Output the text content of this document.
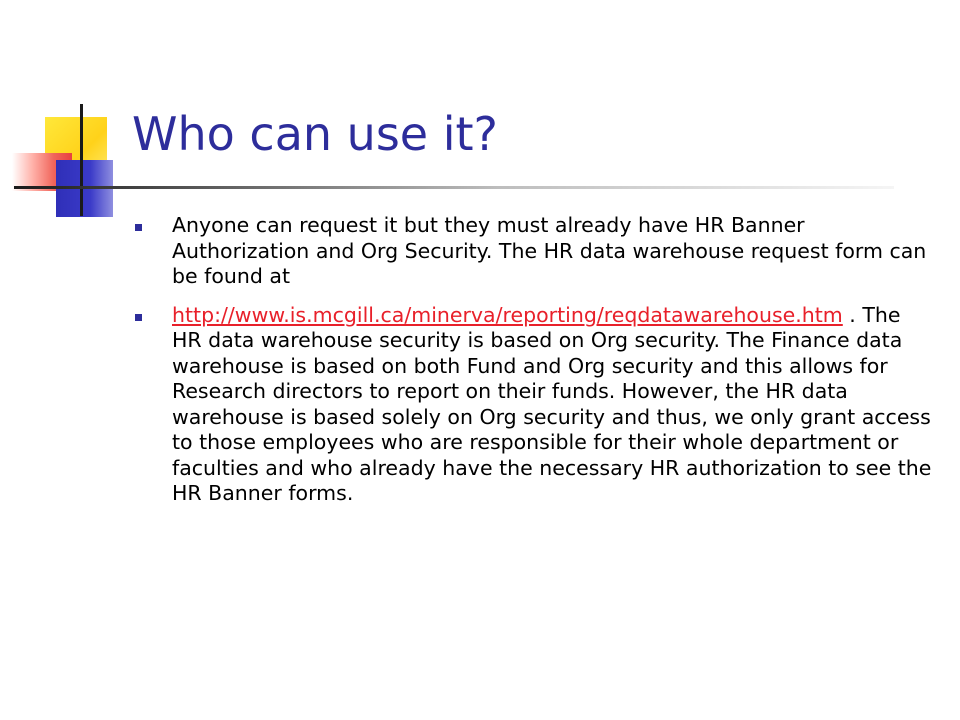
Who can use it?
Anyone can request it but they must already have HR Banner Authorization and Org Security. The HR data warehouse request form can be found at
http://www.is.mcgill.ca/minerva/reporting/reqdatawarehouse.htm . The HR data warehouse security is based on Org security. The Finance data warehouse is based on both Fund and Org security and this allows for Research directors to report on their funds. However, the HR data warehouse is based solely on Org security and thus, we only grant access to those employees who are responsible for their whole department or faculties and who already have the necessary HR authorization to see the HR Banner forms.
